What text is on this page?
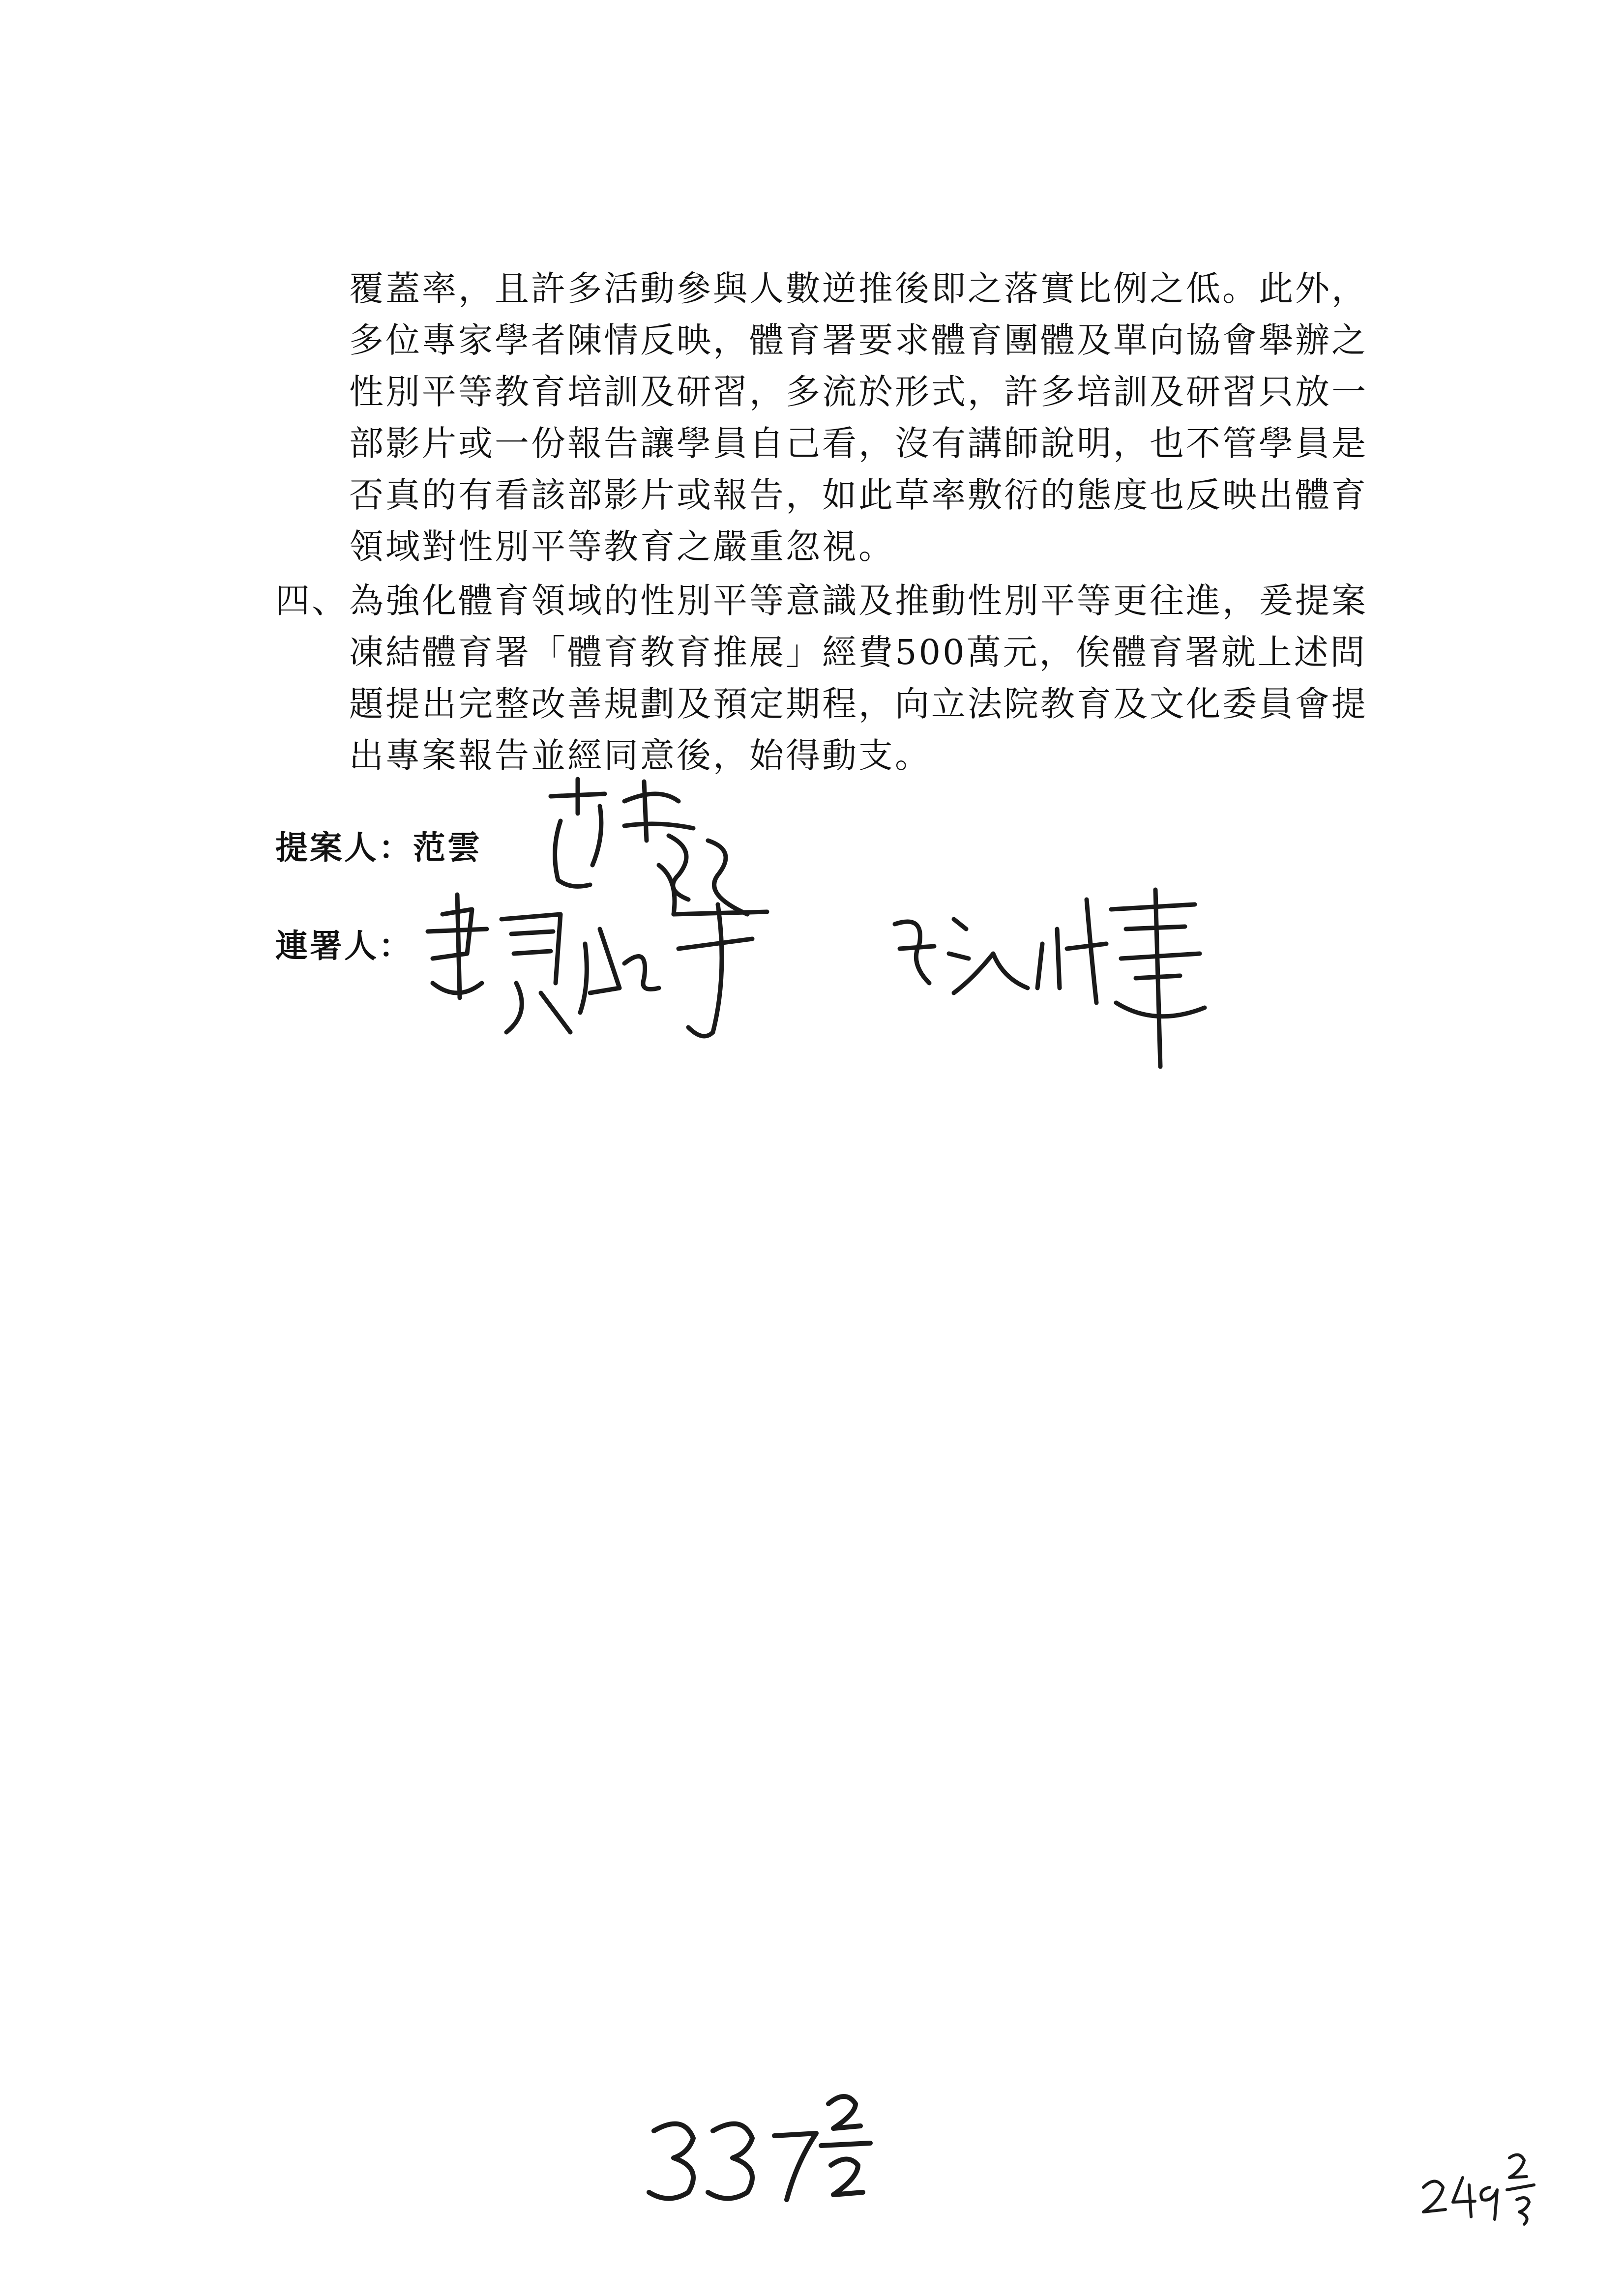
覆蓋率，且許多活動參與人數逆推後即之落實比例之低。此外，
多位專家學者陳情反映，體育署要求體育團體及單向協會舉辦之
性別平等教育培訓及研習，多流於形式，許多培訓及研習只放一
部影片或一份報告讓學員自己看，沒有講師說明，也不管學員是
否真的有看該部影片或報告，如此草率敷衍的態度也反映出體育
領域對性別平等教育之嚴重忽視。
四、 為強化體育領域的性別平等意識及推動性別平等更往進，爰提案
凍結體育署「體育教育推展」經費500萬元，俟體育署就上述問
題提出完整改善規劃及預定期程，向立法院教育及文化委員會提
出專案報告並經同意後，始得動支。
提案人：范雲
連署人：
